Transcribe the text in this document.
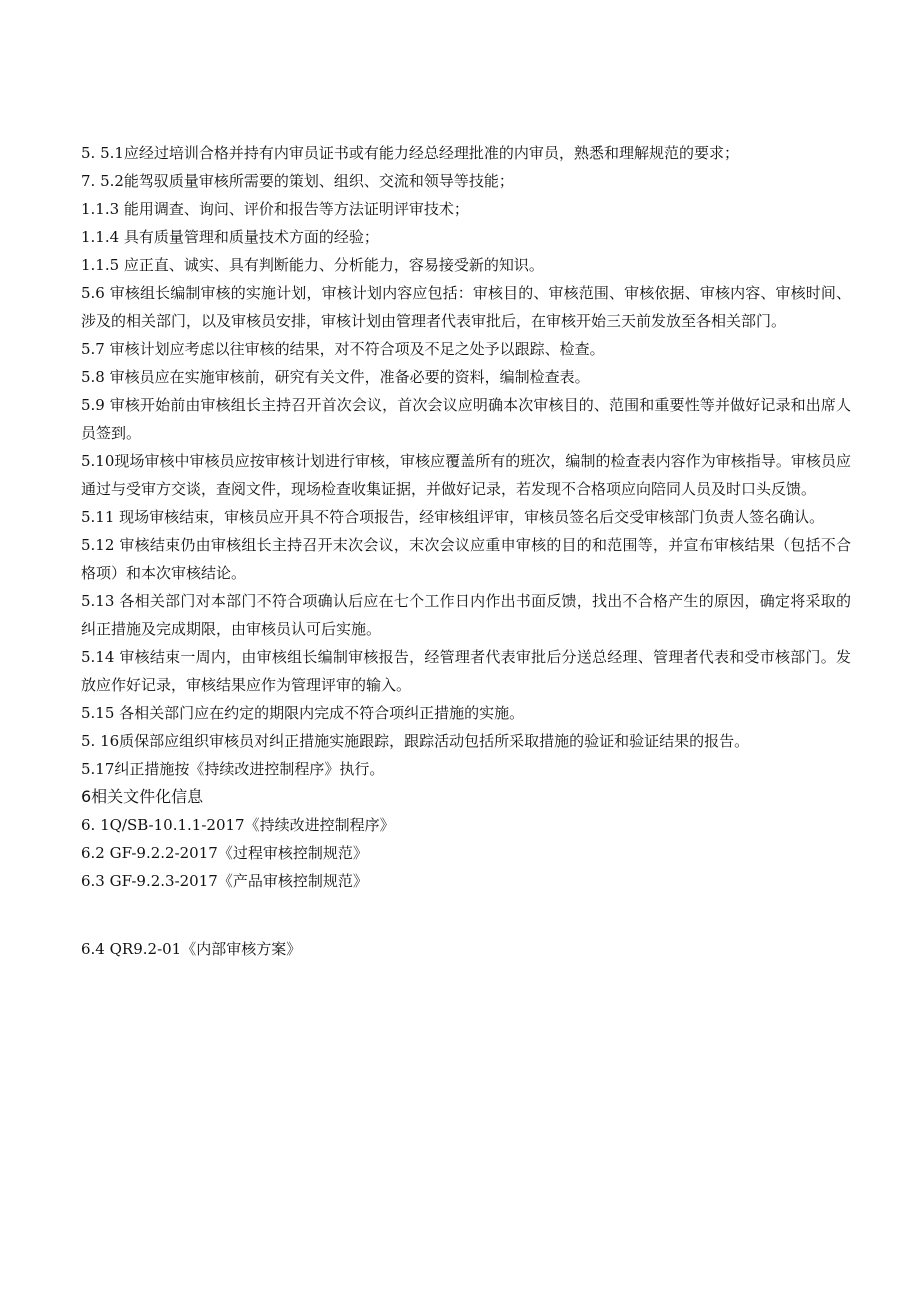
5. 5.1应经过培训合格并持有内审员证书或有能力经总经理批准的内审员，熟悉和理解规范的要求；

7. 5.2能驾驭质量审核所需要的策划、组织、交流和领导等技能；

1.1.3 能用调查、询问、评价和报告等方法证明评审技术；

1.1.4 具有质量管理和质量技术方面的经验；

1.1.5 应正直、诚实、具有判断能力、分析能力，容易接受新的知识。

5.6 审核组长编制审核的实施计划，审核计划内容应包括：审核目的、审核范围、审核依据、审核内容、审核时间、涉及的相关部门，以及审核员安排，审核计划由管理者代表审批后，在审核开始三天前发放至各相关部门。

5.7 审核计划应考虑以往审核的结果，对不符合项及不足之处予以跟踪、检查。

5.8 审核员应在实施审核前，研究有关文件，准备必要的资料，编制检查表。

5.9 审核开始前由审核组长主持召开首次会议，首次会议应明确本次审核目的、范围和重要性等并做好记录和出席人员签到。

5.10现场审核中审核员应按审核计划进行审核，审核应覆盖所有的班次，编制的检查表内容作为审核指导。审核员应通过与受审方交谈，查阅文件，现场检查收集证据，并做好记录，若发现不合格项应向陪同人员及时口头反馈。

5.11 现场审核结束，审核员应开具不符合项报告，经审核组评审，审核员签名后交受审核部门负责人签名确认。

5.12 审核结束仍由审核组长主持召开末次会议，末次会议应重申审核的目的和范围等，并宣布审核结果（包括不合格项）和本次审核结论。

5.13 各相关部门对本部门不符合项确认后应在七个工作日内作出书面反馈，找出不合格产生的原因，确定将采取的纠正措施及完成期限，由审核员认可后实施。

5.14 审核结束一周内，由审核组长编制审核报告，经管理者代表审批后分送总经理、管理者代表和受市核部门。发放应作好记录，审核结果应作为管理评审的输入。

5.15 各相关部门应在约定的期限内完成不符合项纠正措施的实施。

5. 16质保部应组织审核员对纠正措施实施跟踪，跟踪活动包括所采取措施的验证和验证结果的报告。

5.17纠正措施按《持续改进控制程序》执行。

6相关文件化信息

6. 1Q/SB-10.1.1-2017《持续改进控制程序》

6.2 GF-9.2.2-2017《过程审核控制规范》

6.3 GF-9.2.3-2017《产品审核控制规范》

6.4 QR9.2-01《内部审核方案》
